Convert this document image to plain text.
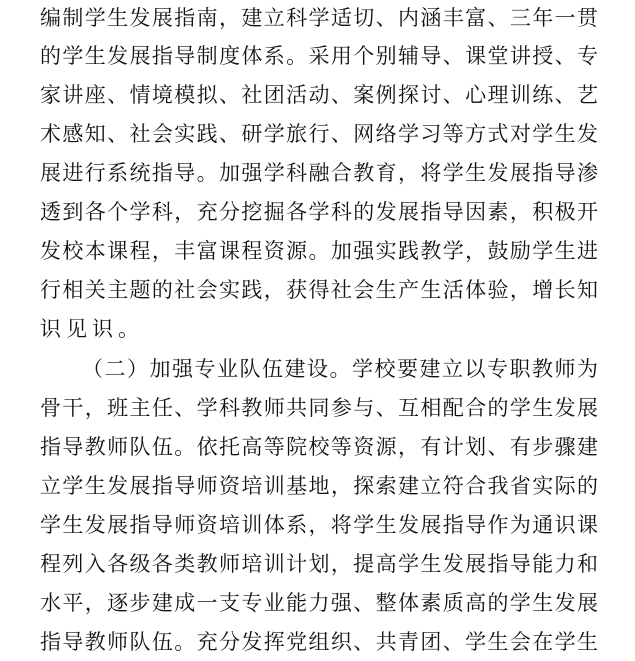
编 制 学 生 发 展 指 南 ， 建 立 科 学 适 切 、 内 涵 丰 富 、 三 年 一 贯
的 学 生 发 展 指 导 制 度 体 系 。 采 用 个 别 辅 导 、 课 堂 讲 授 、 专
家 讲 座 、 情 境 模 拟 、 社 团 活 动 、 案 例 探 讨 、 心 理 训 练 、 艺
术 感 知 、 社 会 实 践 、 研 学 旅 行 、 网 络 学 习 等 方 式 对 学 生 发
展 进 行 系 统 指 导 。 加 强 学 科 融 合 教 育 ， 将 学 生 发 展 指 导 渗
透 到 各 个 学 科 ， 充 分 挖 掘 各 学 科 的 发 展 指 导 因 素 ， 积 极 开
发 校 本 课 程 ， 丰 富 课 程 资 源 。 加 强 实 践 教 学 ， 鼓 励 学 生 进
行 相 关 主 题 的 社 会 实 践 ， 获 得 社 会 生 产 生 活 体 验 ， 增 长 知
识见识。
（ 二 ） 加 强 专 业 队 伍 建 设 。 学 校 要 建 立 以 专 职 教 师 为
骨 干 ， 班 主 任 、 学 科 教 师 共 同 参 与 、 互 相 配 合 的 学 生 发 展
指 导 教 师 队 伍 。 依 托 高 等 院 校 等 资 源 ， 有 计 划 、 有 步 骤 建
立 学 生 发 展 指 导 师 资 培 训 基 地 ， 探 索 建 立 符 合 我 省 实 际 的
学 生 发 展 指 导 师 资 培 训 体 系 ， 将 学 生 发 展 指 导 作 为 通 识 课
程 列 入 各 级 各 类 教 师 培 训 计 划 ， 提 高 学 生 发 展 指 导 能 力 和
水 平 ， 逐 步 建 成 一 支 专 业 能 力 强 、 整 体 素 质 高 的 学 生 发 展
指 导 教 师 队 伍 。 充 分 发 挥 党 组 织 、 共 青 团 、 学 生 会 在 学 生
